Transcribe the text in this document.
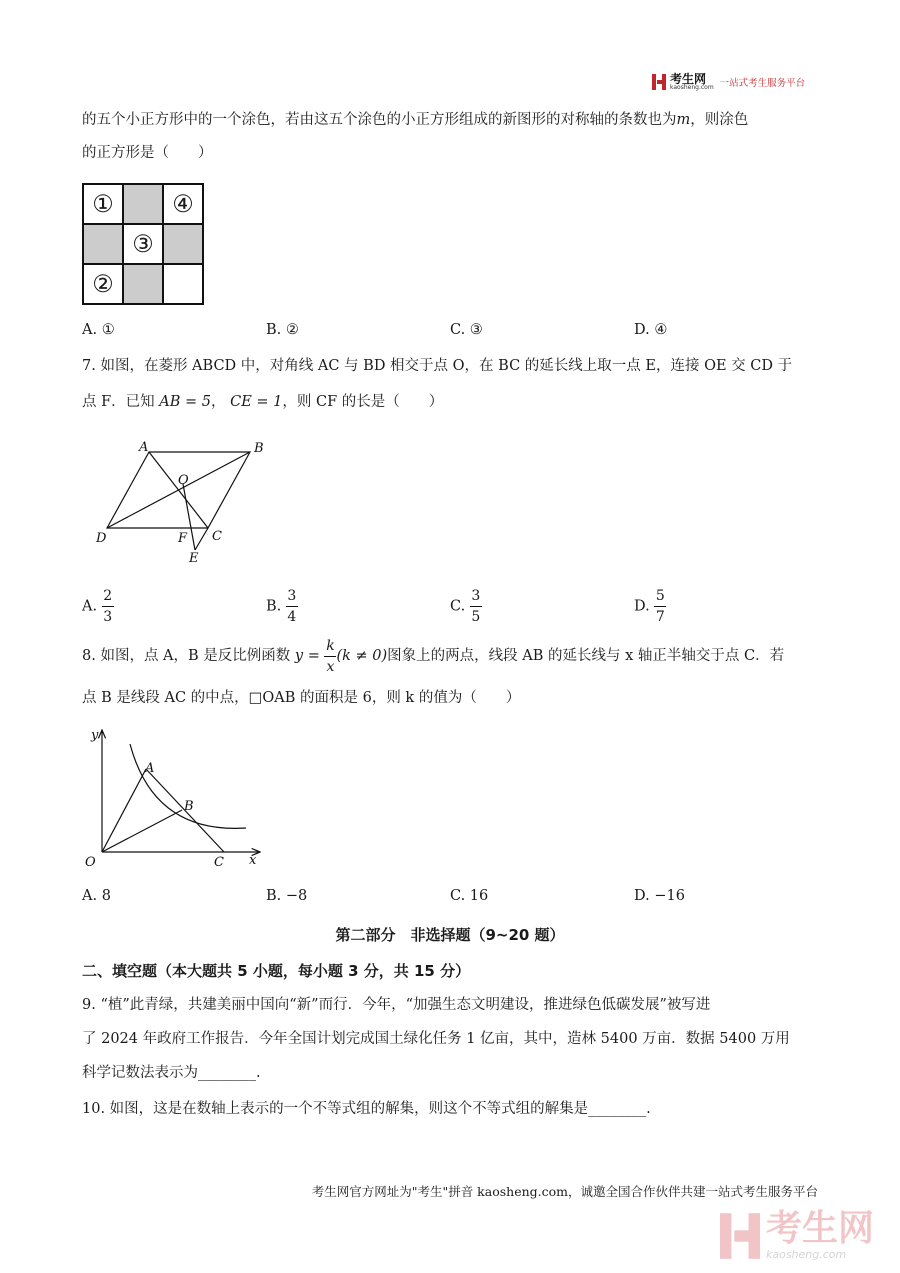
考生网
kaosheng.com 一站式考生服务平台
的五个小正方形中的一个涂色，若由这五个涂色的小正方形组成的新图形的对称轴的条数也为m，则涂色
的正方形是（　　）
①		④
	③	
②		
A. ①	B. ②	C. ③	D. ④
7. 如图，在菱形 ABCD 中，对角线 AC 与 BD 相交于点 O，在 BC 的延长线上取一点 E，连接 OE 交 CD 于
点 F．已知 AB = 5， CE = 1，则 CF 的长是（　　）
A	B
O
D	F C
E
A. $\frac{2}{3}$	B. $\frac{3}{4}$	C. $\frac{3}{5}$	D. $\frac{5}{7}$
8. 如图，点 A，B 是反比例函数 $y = \frac{k}{x} (k \ne 0)$图象上的两点，线段 AB 的延长线与 x 轴正半轴交于点 C．若
点 B 是线段 AC 的中点，□OAB 的面积是 6，则 k 的值为（　　）
y
A
B
O	C x
A. 8	B. −8	C. 16	D. −16
第二部分　非选择题（9~20 题）
二、填空题（本大题共 5 小题，每小题 3 分，共 15 分）
9. “植”此青绿，共建美丽中国向“新”而行．今年，“加强生态文明建设，推进绿色低碳发展”被写进
了 2024 年政府工作报告．今年全国计划完成国土绿化任务 1 亿亩，其中，造林 5400 万亩．数据 5400 万用
科学记数法表示为________.
10. 如图，这是在数轴上表示的一个不等式组的解集，则这个不等式组的解集是________.
考生网官方网址为"考生"拼音 kaosheng.com，诚邀全国合作伙伴共建一站式考生服务平台
考生网
kaosheng.com
